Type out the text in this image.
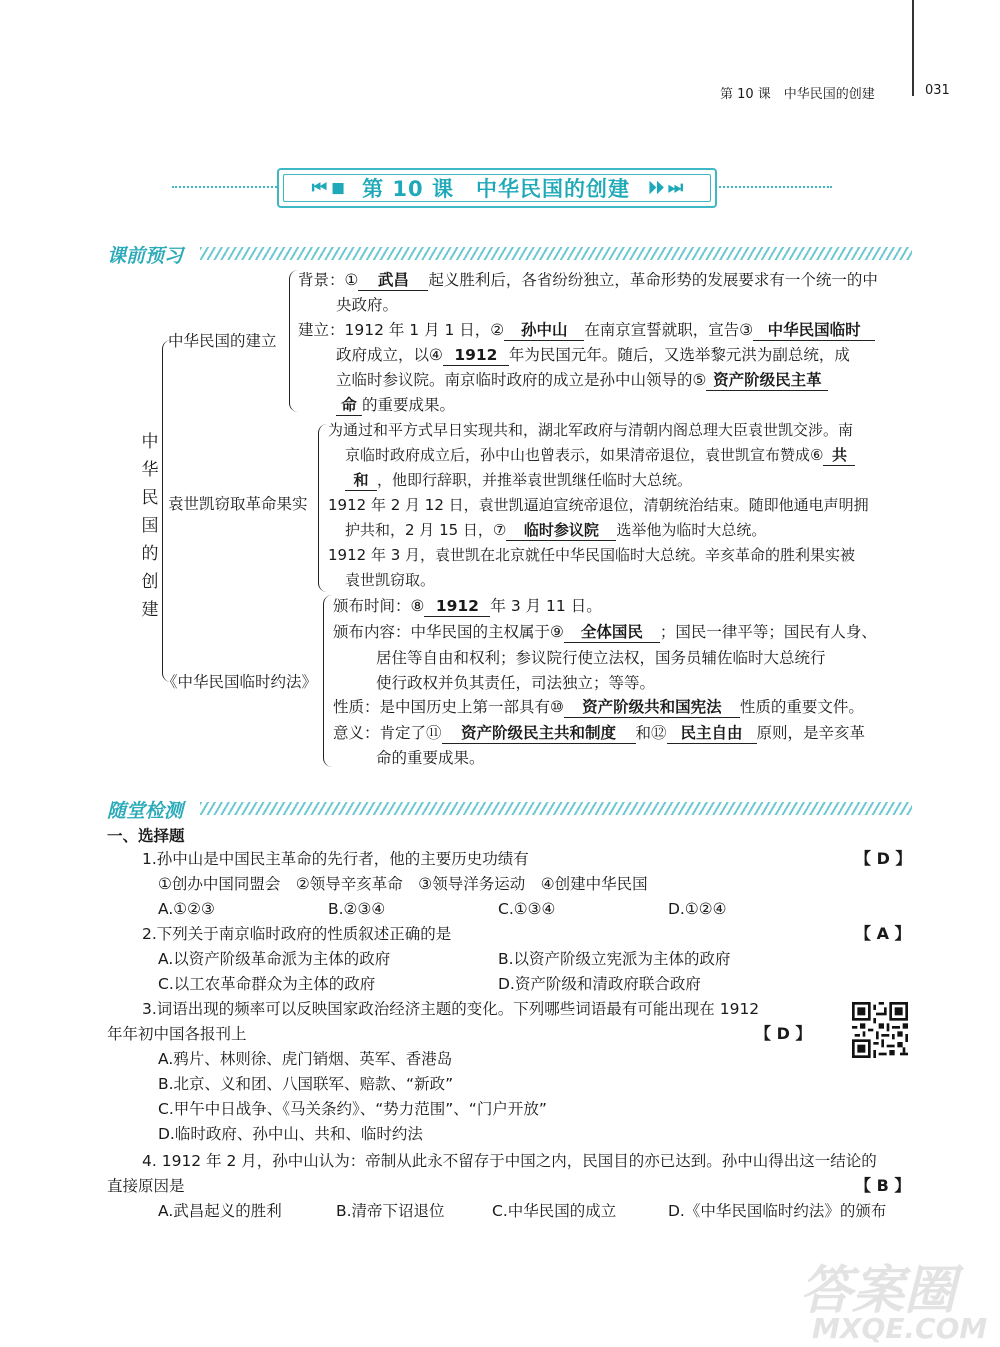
第 10 课　中华民国的创建	031
⏮ ◼ 第 10 课　中华民国的创建 ⏵⏵ ⏭
课前预习
中
华
民
国
的
创
建
中华民国的建立
袁世凯窃取革命果实
《中华民国临时约法》
背景：① 武昌 起义胜利后，各省纷纷独立，革命形势的发展要求有一个统一的中
央政府。
建立：1912 年 1 月 1 日，② 孙中山 在南京宣誓就职，宣告③ 中华民国临时
政府成立，以④ 1912 年为民国元年。随后，又选举黎元洪为副总统，成
立临时参议院。南京临时政府的成立是孙中山领导的⑤ 资产阶级民主革
命 的重要成果。
为通过和平方式早日实现共和，湖北军政府与清朝内阁总理大臣袁世凯交涉。南
京临时政府成立后，孙中山也曾表示，如果清帝退位，袁世凯宣布赞成⑥ 共
和 ，他即行辞职，并推举袁世凯继任临时大总统。
1912 年 2 月 12 日，袁世凯逼迫宣统帝退位，清朝统治结束。随即他通电声明拥
护共和，2 月 15 日，⑦ 临时参议院 选举他为临时大总统。
1912 年 3 月，袁世凯在北京就任中华民国临时大总统。辛亥革命的胜利果实被
袁世凯窃取。
颁布时间：⑧ 1912 年 3 月 11 日。
颁布内容：中华民国的主权属于⑨ 全体国民 ；国民一律平等；国民有人身、
居住等自由和权利；参议院行使立法权，国务员辅佐临时大总统行
使行政权并负其责任，司法独立；等等。
性质：是中国历史上第一部具有⑩ 资产阶级共和国宪法 性质的重要文件。
意义：肯定了⑪ 资产阶级民主共和制度 和⑫ 民主自由 原则，是辛亥革
命的重要成果。
随堂检测
一、选择题
1.孙中山是中国民主革命的先行者，他的主要历史功绩有	【 D 】
①创办中国同盟会　②领导辛亥革命　③领导洋务运动　④创建中华民国
A.①②③	B.②③④	C.①③④	D.①②④
2.下列关于南京临时政府的性质叙述正确的是	【 A 】
A.以资产阶级革命派为主体的政府	B.以资产阶级立宪派为主体的政府
C.以工农革命群众为主体的政府	D.资产阶级和清政府联合政府
3.词语出现的频率可以反映国家政治经济主题的变化。下列哪些词语最有可能出现在 1912
年年初中国各报刊上	【 D 】
A.鸦片、林则徐、虎门销烟、英军、香港岛
B.北京、义和团、八国联军、赔款、“新政”
C.甲午中日战争、《马关条约》、“势力范围”、“门户开放”
D.临时政府、孙中山、共和、临时约法
4. 1912 年 2 月，孙中山认为：帝制从此永不留存于中国之内，民国目的亦已达到。孙中山得出这一结论的
直接原因是	【 B 】
A.武昌起义的胜利	B.清帝下诏退位	C.中华民国的成立	D.《中华民国临时约法》的颁布
答案圈
MXQE.COM
